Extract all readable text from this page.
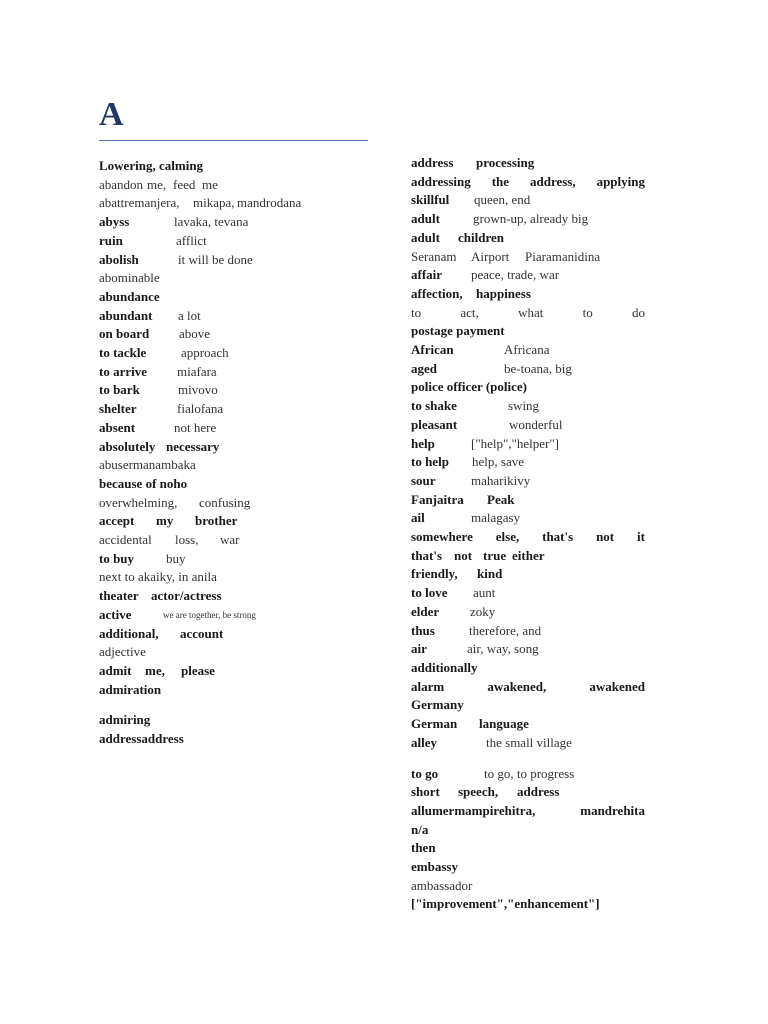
A
Lowering, calming
abandon me, feed me
abattremanjera,	mikapa, mandrodana
abyss	lavaka, tevana
ruin	afflict
abolish	it will be done
abominable
abundance
abundant	a lot
on board	above
to tackle	approach
to arrive	miafara
to bark	mivovo
shelter	fialofana
absent	not here
absolutely necessary
abusermanambaka
because of noho
overwhelming,	confusing
accept	my	brother
accidental	loss,	war
to buy	buy
next to akaiky, in anila
theater actor/actress
active	we are together, be strong
additional,	account
adjective
admit	me,	please
admiration
admiring
addressaddress
address	processing
addressing the address, applying
skillful	queen, end
adult	grown-up, already big
adult	children
Seranam	Airport	Piaramanidina
affair	peace, trade, war
affection,	happiness
to	act,	what	to	do
postage payment
African	Africana
aged	be-toana, big
police officer (police)
to shake	swing
pleasant	wonderful
help	["help","helper"]
to help	help, save
sour	maharikivy
Fanjaitra	Peak
ail	malagasy
somewhere else, that's not it
that's not true either
friendly,	kind
to love	aunt
elder	zoky
thus	therefore, and
air	air, way, song
additionally
alarm	awakened,	awakened
Germany
German	language
alley	the small village
to go	to go, to progress
short	speech,	address
allumermampirehitra,	mandrehita
n/a
then
embassy
ambassador
["improvement","enhancement"]
